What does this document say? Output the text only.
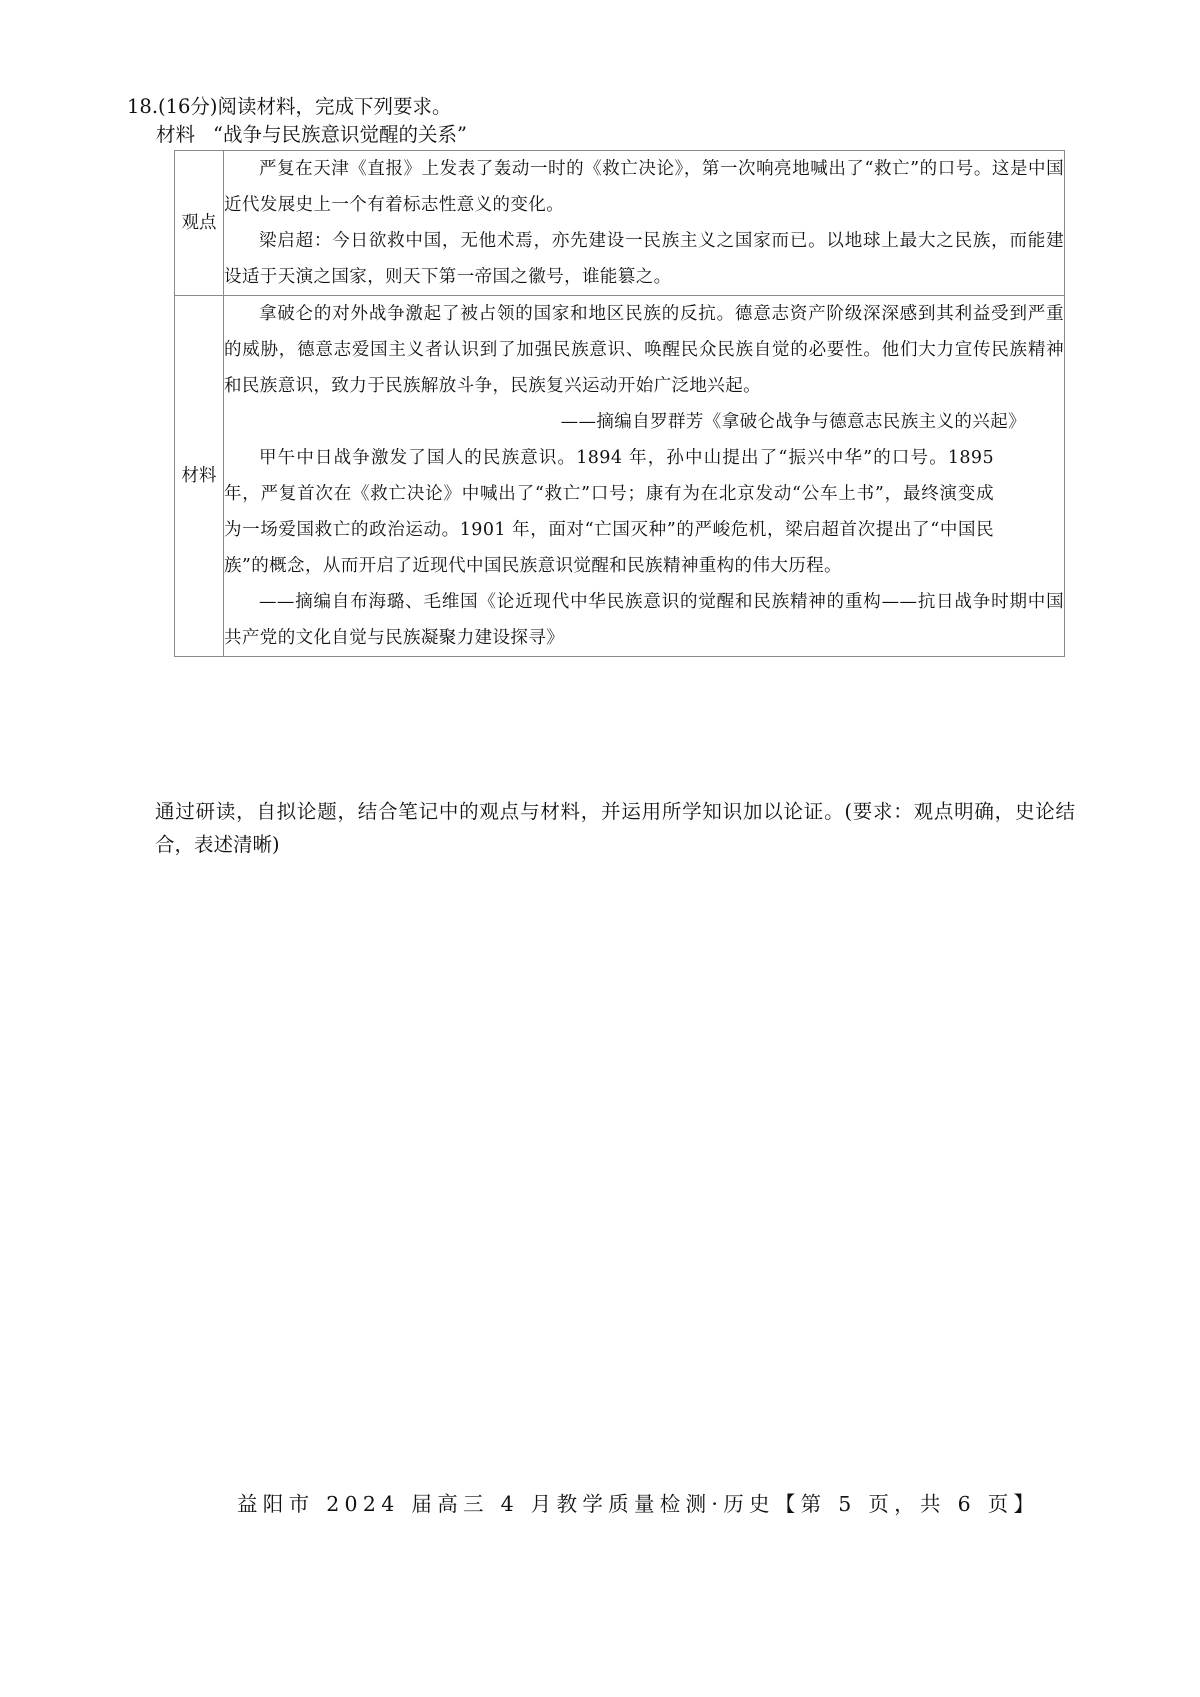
18.(16分)阅读材料，完成下列要求。
材料 “战争与民族意识觉醒的关系”
观点	严复在天津《直报》上发表了轰动一时的《救亡决论》，第一次响亮地喊出了“救亡”的口号。这是中国近代发展史上一个有着标志性意义的变化。

梁启超：今日欲救中国，无他术焉，亦先建设一民族主义之国家而已。以地球上最大之民族，而能建设适于天演之国家，则天下第一帝国之徽号，谁能篡之。

材料	拿破仑的对外战争激起了被占领的国家和地区民族的反抗。德意志资产阶级深深感到其利益受到严重的威胁，德意志爱国主义者认识到了加强民族意识、唤醒民众民族自觉的必要性。他们大力宣传民族精神和民族意识，致力于民族解放斗争，民族复兴运动开始广泛地兴起。

——摘编自罗群芳《拿破仑战争与德意志民族主义的兴起》

甲午中日战争激发了国人的民族意识。1894 年，孙中山提出了“振兴中华”的口号。1895 年，严复首次在《救亡决论》中喊出了“救亡”口号；康有为在北京发动“公车上书”，最终演变成为一场爱国救亡的政治运动。1901 年，面对“亡国灭种”的严峻危机，梁启超首次提出了“中国民族”的概念，从而开启了近现代中国民族意识觉醒和民族精神重构的伟大历程。

——摘编自布海璐、毛维国《论近现代中华民族意识的觉醒和民族精神的重构——抗日战争时期中国共产党的文化自觉与民族凝聚力建设探寻》

通过研读，自拟论题，结合笔记中的观点与材料，并运用所学知识加以论证。(要求：观点明确，史论结合，表述清晰)
益阳市 2024 届高三 4 月教学质量检测·历史【第 5 页，共 6 页】
